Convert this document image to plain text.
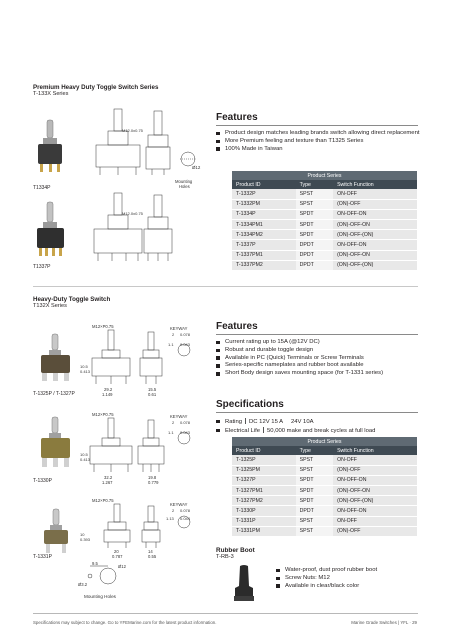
Premium Heavy Duty Toggle Switch Series
T-133X Series
T1334P
T1337P
M12.0x0.75
M12.0x0.75
Ø12
Mounting
Holes
Features
Product design matches leading brands switch allowing direct replacement
More Premium feeling and texture than T1325 Series
100% Made in Taiwan
Product Series		
Product ID	Type	Switch Function
T-1332P	SPST	ON-OFF
T-1332PM	SPST	(ON)-OFF
T-1334P	SPDT	ON-OFF-ON
T-1334PM1	SPDT	(ON)-OFF-ON
T-1334PM2	SPDT	(ON)-OFF-(ON)
T-1337P	DPDT	ON-OFF-ON
T-1337PM1	DPDT	(ON)-OFF-ON
T-1337PM2	DPDT	(ON)-OFF-(ON)
Heavy-Duty Toggle Switch
T132X Series
T-1325P / T-1327P
T-1330P
T-1331P
M12×P0.75
10.5
0.413
29.2
1.149
15.5
0.61
KEYWAY
2 0.078
1.1 0.043
M12×P0.75
10.5
0.413
32.2
1.267
19.8
0.779
KEYWAY
2 0.078
1.1 0.043
M12×P0.75
10
0.393
20
0.787
14
0.55
KEYWAY
2 0.078
1.13 0.044
9.5
Ø12
Ø3.2
Mounting Holes
Features
Current rating up to 15A (@12V DC)
Robust and durable toggle design
Available in PC (Quick) Terminals or Screw Terminals
Series-specific nameplates and rubber boot available
Short Body design saves mounting space (for T-1331 series)
Specifications
Rating DC 12V 15 A     24V 10A
Electrical Life 50,000 make and break cycles at full load
Product Series		
Product ID	Type	Switch Function
T-1325P	SPST	ON-OFF
T-1325PM	SPST	(ON)-OFF
T-1327P	SPDT	ON-OFF-ON
T-1327PM1	SPDT	(ON)-OFF-ON
T-1327PM2	SPDT	(ON)-OFF-(ON)
T-1330P	DPDT	ON-OFF-ON
T-1331P	SPST	ON-OFF
T-1331PM	SPST	(ON)-OFF
Rubber Boot
T-RB-3
Water-proof, dust proof rubber boot
Screw Nuts: M12
Available in clear/black color
Specifications may subject to change. Go to YFEMarine.com for the latest product information.	Marine Grade Switches | YFL · 29
